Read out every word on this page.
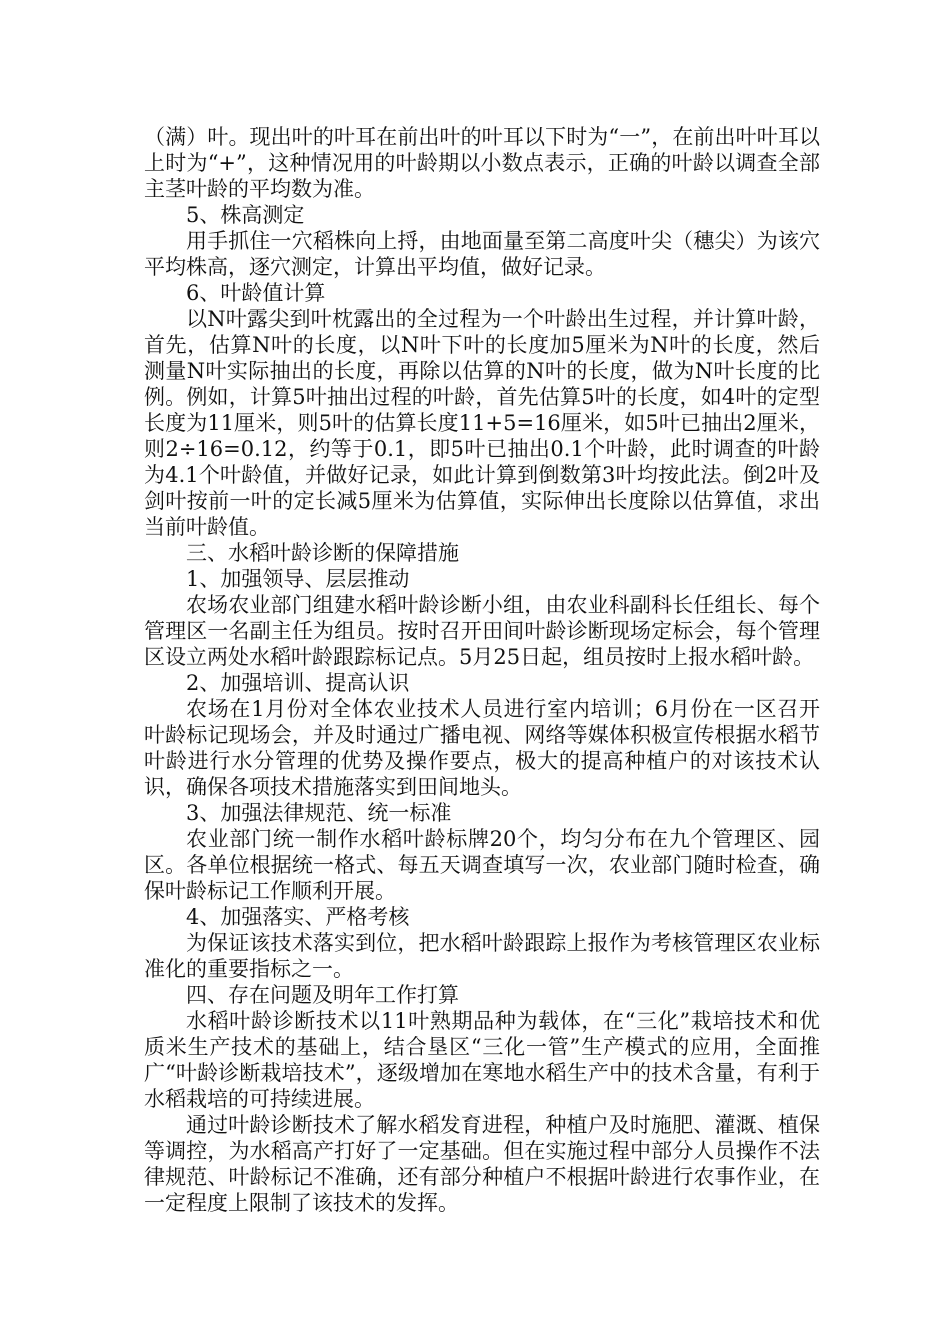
（满）叶。现出叶的叶耳在前出叶的叶耳以下时为“一”，在前出叶叶耳以上时为“+”，这种情况用的叶龄期以小数点表示，正确的叶龄以调查全部主茎叶龄的平均数为准。

5、株高测定

用手抓住一穴稻株向上捋，由地面量至第二高度叶尖（穗尖）为该穴平均株高，逐穴测定，计算出平均值，做好记录。

6、叶龄值计算

以N叶露尖到叶枕露出的全过程为一个叶龄出生过程，并计算叶龄，首先，估算N叶的长度，以N叶下叶的长度加5厘米为N叶的长度，然后测量N叶实际抽出的长度，再除以估算的N叶的长度，做为N叶长度的比例。例如，计算5叶抽出过程的叶龄，首先估算5叶的长度，如4叶的定型长度为11厘米，则5叶的估算长度11+5=16厘米，如5叶已抽出2厘米，则2÷16=0.12，约等于0.1，即5叶已抽出0.1个叶龄，此时调查的叶龄为4.1个叶龄值，并做好记录，如此计算到倒数第3叶均按此法。倒2叶及剑叶按前一叶的定长减5厘米为估算值，实际伸出长度除以估算值，求出当前叶龄值。

三、水稻叶龄诊断的保障措施

1、加强领导、层层推动

农场农业部门组建水稻叶龄诊断小组，由农业科副科长任组长、每个管理区一名副主任为组员。按时召开田间叶龄诊断现场定标会，每个管理区设立两处水稻叶龄跟踪标记点。5月25日起，组员按时上报水稻叶龄。

2、加强培训、提高认识

农场在1月份对全体农业技术人员进行室内培训；6月份在一区召开叶龄标记现场会，并及时通过广播电视、网络等媒体积极宣传根据水稻节叶龄进行水分管理的优势及操作要点，极大的提高种植户的对该技术认识，确保各项技术措施落实到田间地头。

3、加强法律规范、统一标准

农业部门统一制作水稻叶龄标牌20个，均匀分布在九个管理区、园区。各单位根据统一格式、每五天调查填写一次，农业部门随时检查，确保叶龄标记工作顺利开展。

4、加强落实、严格考核

为保证该技术落实到位，把水稻叶龄跟踪上报作为考核管理区农业标准化的重要指标之一。

四、存在问题及明年工作打算

水稻叶龄诊断技术以11叶熟期品种为载体，在“三化”栽培技术和优质米生产技术的基础上，结合垦区“三化一管”生产模式的应用，全面推广“叶龄诊断栽培技术”，逐级增加在寒地水稻生产中的技术含量，有利于水稻栽培的可持续进展。

通过叶龄诊断技术了解水稻发育进程，种植户及时施肥、灌溉、植保等调控，为水稻高产打好了一定基础。但在实施过程中部分人员操作不法律规范、叶龄标记不准确，还有部分种植户不根据叶龄进行农事作业，在一定程度上限制了该技术的发挥。
